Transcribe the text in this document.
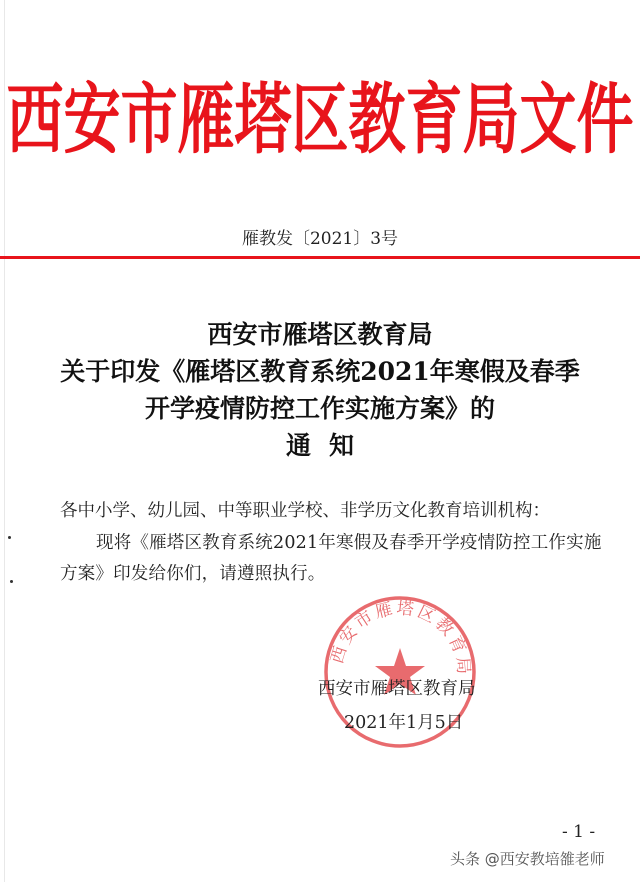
西安市雁塔区教育局文件
雁教发〔2021〕3号
西安市雁塔区教育局
关于印发《雁塔区教育系统2021年寒假及春季
开学疫情防控工作实施方案》的
通知
各中小学、幼儿园、中等职业学校、非学历文化教育培训机构：
现将《雁塔区教育系统2021年寒假及春季开学疫情防控工作实施方案》印发给你们，请遵照执行。
西安市雁塔区教育局
西安市雁塔区教育局
2021年1月5日
- 1 -
头条 @西安教培雒老师
